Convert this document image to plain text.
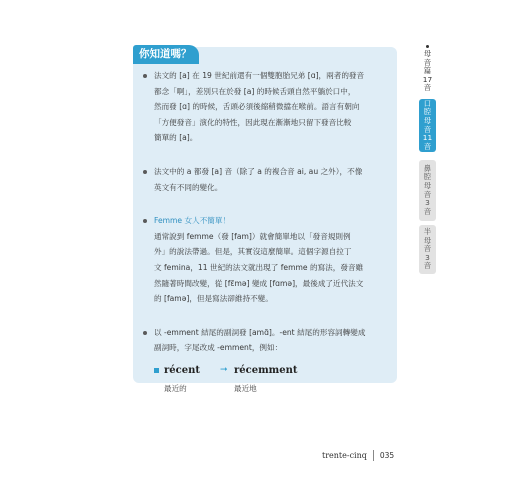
你知道嗎？

法文的 [a] 在 19 世紀前還有一個雙胞胎兄弟 [ɑ]，兩者的發音

都念「啊」，差別只在於發 [a] 的時候舌頭自然平躺於口中，

然而發 [ɑ] 的時候，舌頭必須後縮稍微擋在喉前。語言有朝向

「方便發音」演化的特性，因此現在漸漸地只留下發音比較

簡單的 [a]。

法文中的 a 都發 [a] 音（除了 a 的複合音 ai, au 之外），不像

英文有不同的變化。

Femme 女人不簡單！

通常說到 femme（發 [fam]）就會簡單地以「發音規則例

外」的說法帶過。但是，其實沒這麼簡單。這個字源自拉丁

文 femina，11 世紀的法文就出現了 femme 的寫法，發音雖

然隨著時間改變，從 [fɛ̃mə] 變成 [fɑmə]，最後成了近代法文

的 [famə]，但是寫法卻維持不變。

以 -emment 結尾的副詞發 [amɑ̃]。-ent 結尾的形容詞轉變成

副詞時，字尾改成 -emment，例如：

récent	➞ récemment
最近的	最近地
母
音
篇
17
音
口
腔
母
音
11
音
鼻
腔
母
音
3
音
半
母
音
3
音
trente-cinq 035
